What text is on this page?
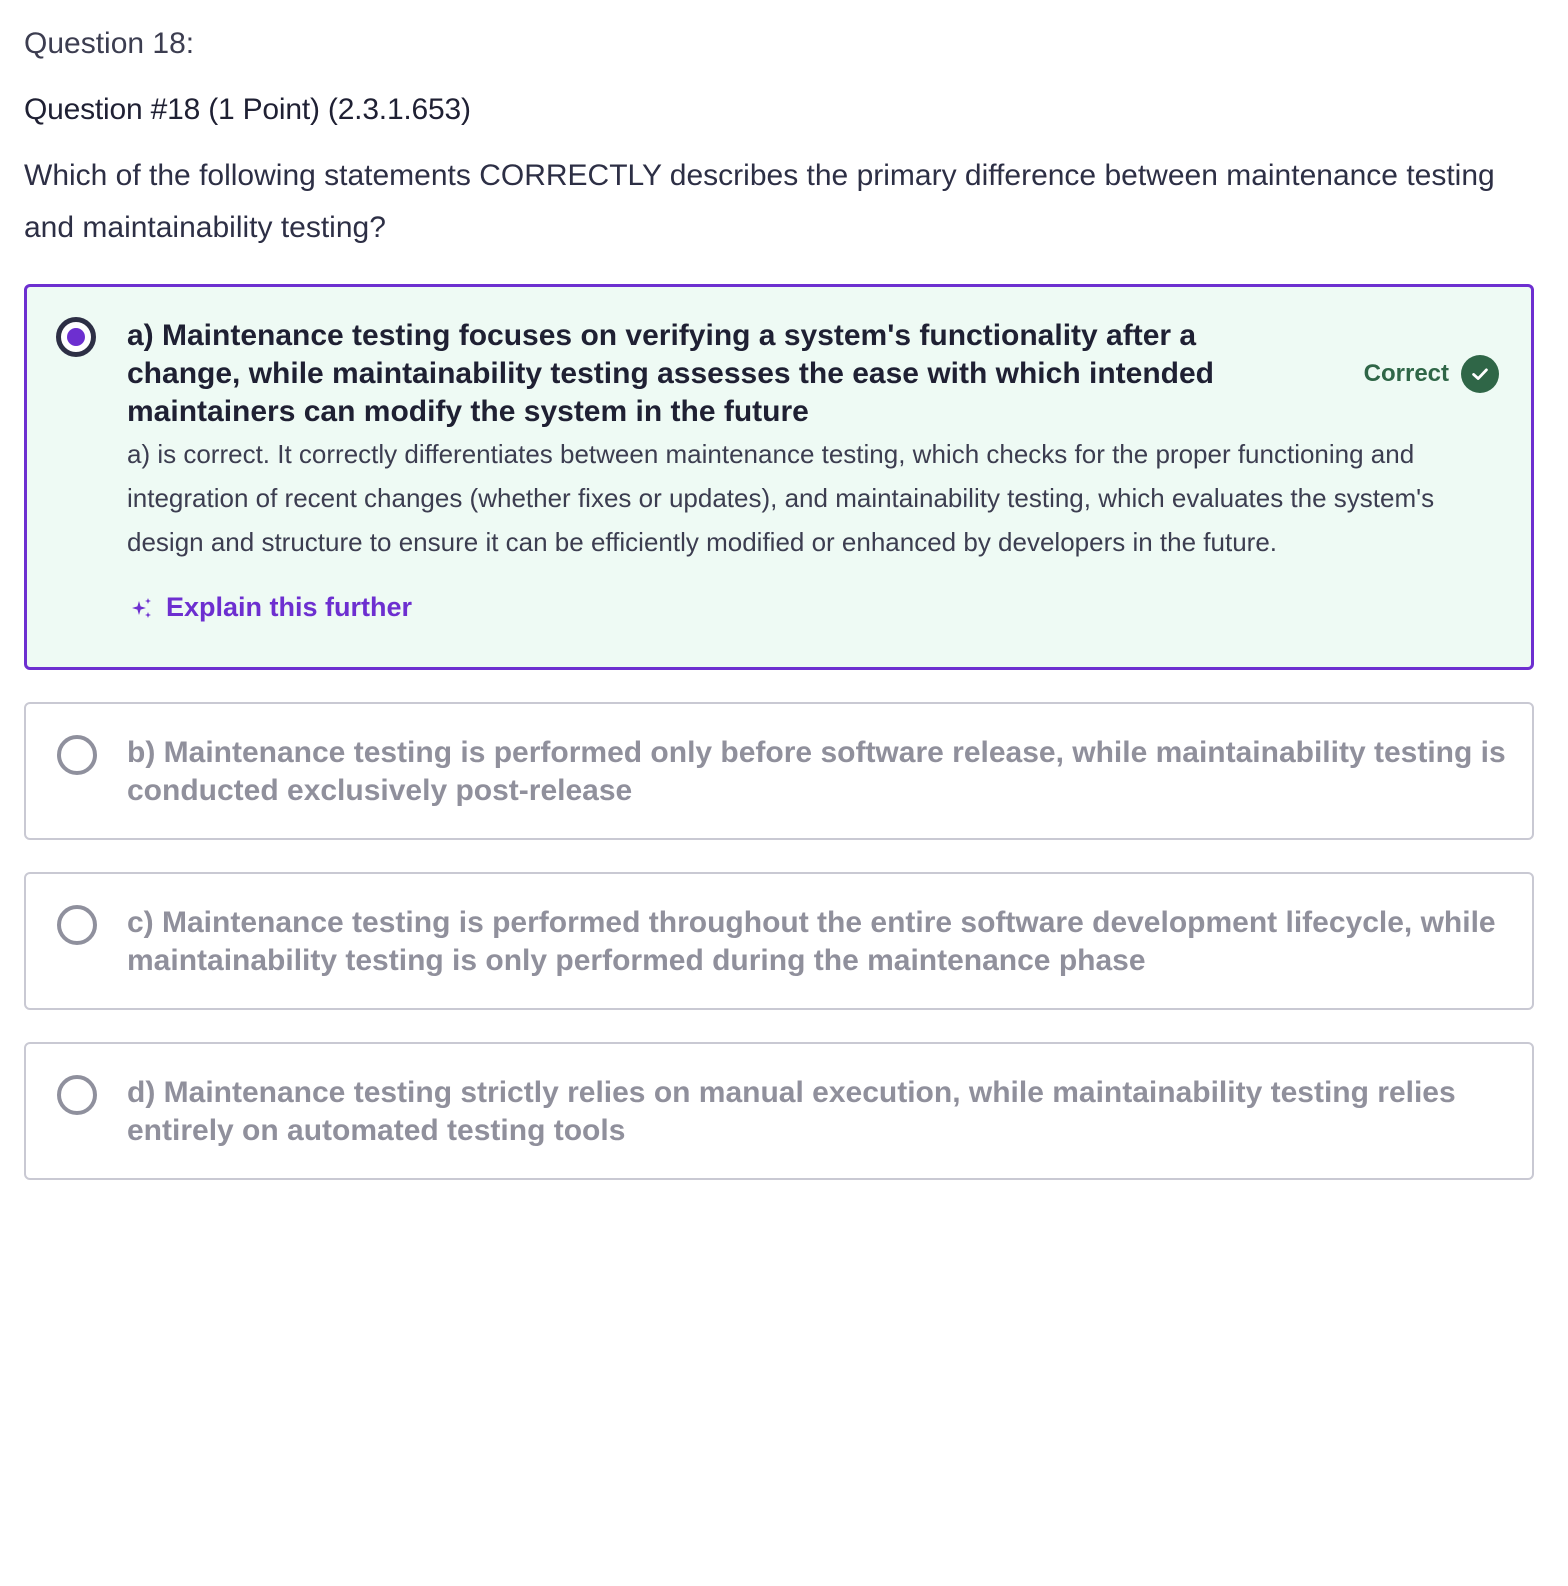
Question 18:
Question #18 (1 Point) (2.3.1.653)
Which of the following statements CORRECTLY describes the primary difference between maintenance testing and maintainability testing?
a) Maintenance testing focuses on verifying a system's functionality after a change, while maintainability testing assesses the ease with which intended maintainers can modify the system in the future
Correct
a) is correct. It correctly differentiates between maintenance testing, which checks for the proper functioning and integration of recent changes (whether fixes or updates), and maintainability testing, which evaluates the system's design and structure to ensure it can be efficiently modified or enhanced by developers in the future.
Explain this further
b) Maintenance testing is performed only before software release, while maintainability testing is conducted exclusively post-release
c) Maintenance testing is performed throughout the entire software development lifecycle, while maintainability testing is only performed during the maintenance phase
d) Maintenance testing strictly relies on manual execution, while maintainability testing relies entirely on automated testing tools
